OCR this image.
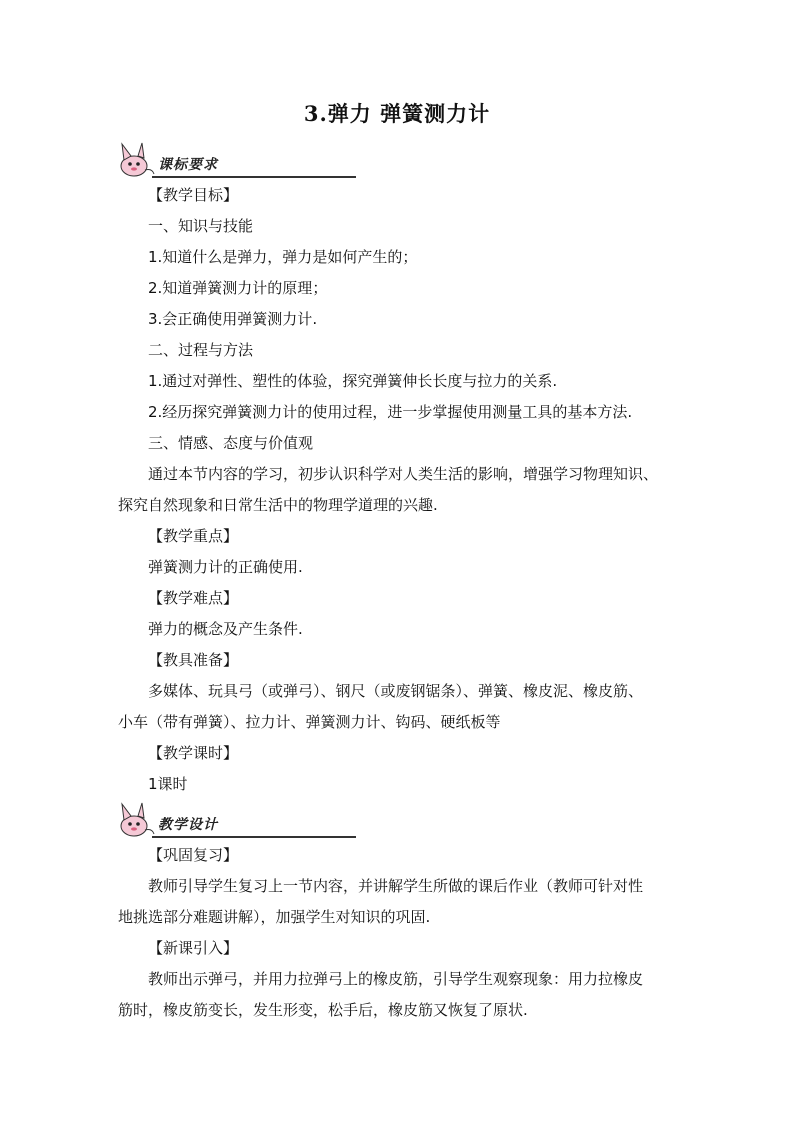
3.弹力 弹簧测力计
课标要求

【教学目标】

一、知识与技能

1.知道什么是弹力，弹力是如何产生的；

2.知道弹簧测力计的原理；

3.会正确使用弹簧测力计.

二、过程与方法

1.通过对弹性、塑性的体验，探究弹簧伸长长度与拉力的关系.

2.经历探究弹簧测力计的使用过程，进一步掌握使用测量工具的基本方法.

三、情感、态度与价值观

通过本节内容的学习，初步认识科学对人类生活的影响，增强学习物理知识、

探究自然现象和日常生活中的物理学道理的兴趣.

【教学重点】

弹簧测力计的正确使用.

【教学难点】

弹力的概念及产生条件.

【教具准备】

多媒体、玩具弓（或弹弓）、钢尺（或废钢锯条）、弹簧、橡皮泥、橡皮筋、

小车（带有弹簧）、拉力计、弹簧测力计、钩码、硬纸板等

【教学课时】

1课时

教学设计

【巩固复习】

教师引导学生复习上一节内容，并讲解学生所做的课后作业（教师可针对性

地挑选部分难题讲解），加强学生对知识的巩固.

【新课引入】

教师出示弹弓，并用力拉弹弓上的橡皮筋，引导学生观察现象：用力拉橡皮

筋时，橡皮筋变长，发生形变，松手后，橡皮筋又恢复了原状.
